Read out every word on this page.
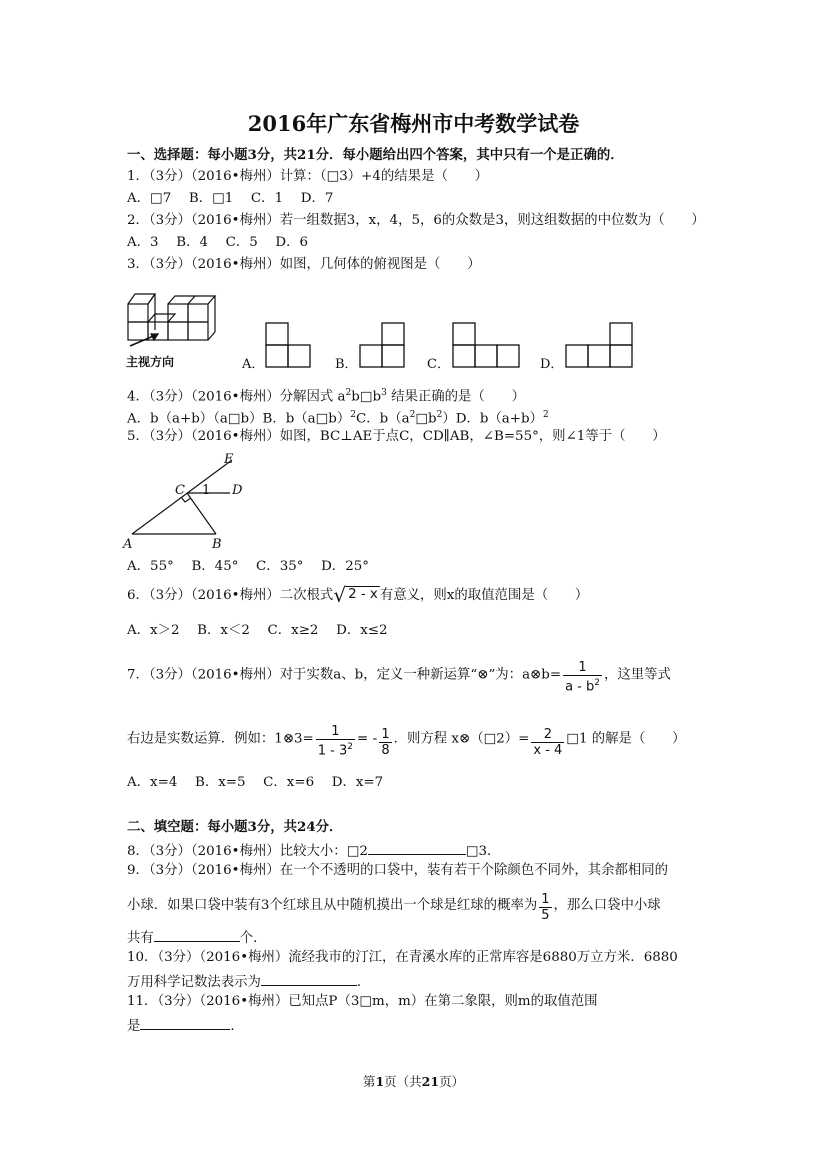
2016年广东省梅州市中考数学试卷
一、选择题：每小题3分，共21分．每小题给出四个答案，其中只有一个是正确的．
1．（3分）（2016•梅州）计算：（□3）+4的结果是（　　）
A．□7　 B．□1　 C．1　 D．7
2．（3分）（2016•梅州）若一组数据3，x，4，5，6的众数是3，则这组数据的中位数为（　　）
A．3　 B．4　 C．5　 D．6
3．（3分）（2016•梅州）如图，几何体的俯视图是（　　）
主视方向	A．	B．	C．	D．
4．（3分）（2016•梅州）分解因式 $a^2b□b^3$ 结果正确的是（　　）
A．b（a+b）（a□b）B．b（a□b）$^2$C．$b(a^2□b^2)D$．$b(a+b)^2$
5．（3分）（2016•梅州）如图，BC⊥AE于点C，CD∥AB，∠B=55°，则∠1等于（　　）
E
C 1 D
A	B
A．55°　 B．45°　 C．35°　 D．25°
6．（3分）（2016•梅州）二次根式√ 2 - x 有意义，则x的取值范围是（　　）
A．x＞2　 B．x＜2　 C．x≥2　 D．x≤2
7．（3分）（2016•梅州）对于实数a、b，定义一种新运算“⊗”为：a⊗b= $\frac{1}{a - b^2}$ ，这里等式
右边是实数运算．例如：1⊗3= $\frac{1}{1 - 3^2}$ = - $\frac{1}{8}$ ．则方程 x⊗（□2）= $\frac{2}{x - 4}$ □1 的解是（　　）
A．x=4　 B．x=5　 C．x=6　 D．x=7
二、填空题：每小题3分，共24分．
8．（3分）（2016•梅州）比较大小：□2	□3．
9．（3分）（2016•梅州）在一个不透明的口袋中，装有若干个除颜色不同外，其余都相同的
小球．如果口袋中装有3个红球且从中随机摸出一个球是红球的概率为 $\frac{1}{5}$ ，那么口袋中小球
共有	个．
10．（3分）（2016•梅州）流经我市的汀江，在青溪水库的正常库容是6880万立方米．6880
万用科学记数法表示为	．
11．（3分）（2016•梅州）已知点P（3□m，m）在第二象限，则m的取值范围
是	．
第1页（共21页）
